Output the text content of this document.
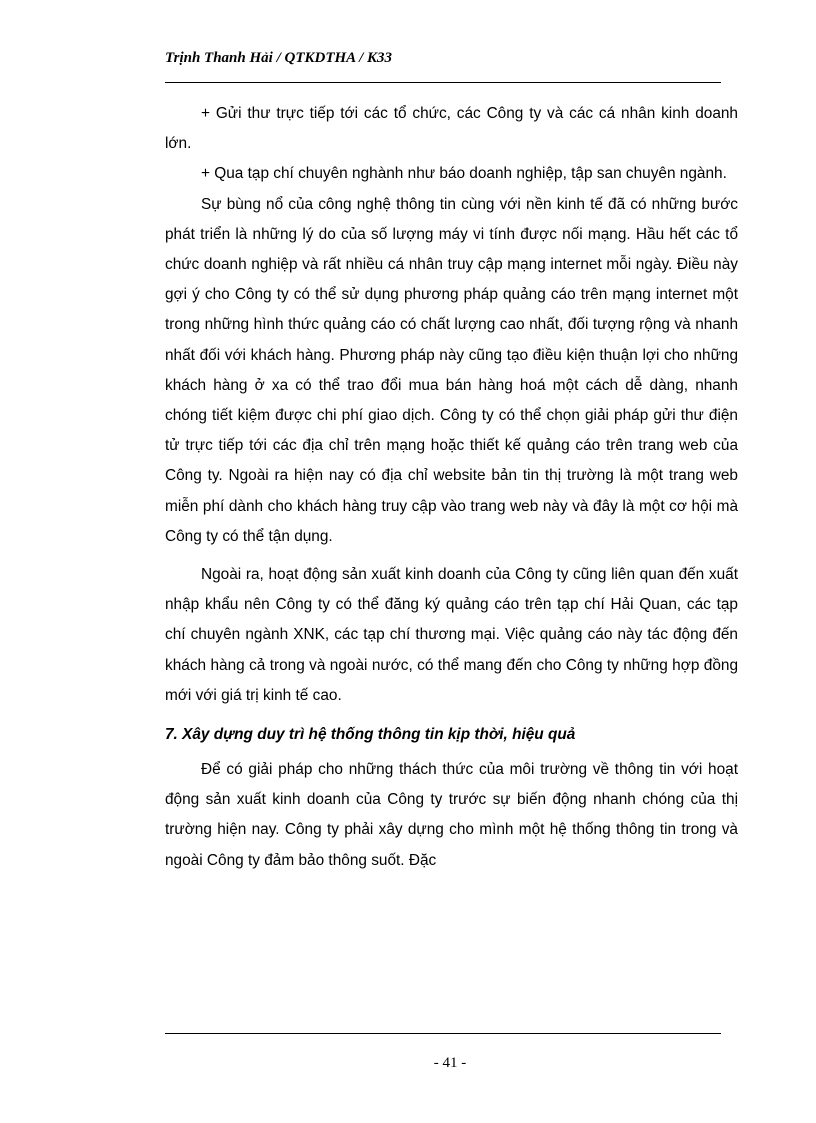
Trịnh Thanh Hải / QTKDTHA / K33

+ Gửi thư trực tiếp tới các tổ chức, các Công ty và các cá nhân kinh doanh lớn.

+ Qua tạp chí chuyên nghành như báo doanh nghiệp, tập san chuyên ngành.

Sự bùng nổ của công nghệ thông tin cùng với nền kinh tế đã có những bước phát triển là những lý do của số lượng máy vi tính được nối mạng. Hầu hết các tổ chức doanh nghiệp và rất nhiều cá nhân truy cập mạng internet mỗi ngày. Điều này gợi ý cho Công ty có thể sử dụng phương pháp quảng cáo trên mạng internet một trong những hình thức quảng cáo có chất lượng cao nhất, đối tượng rộng và nhanh nhất đối với khách hàng. Phương pháp này cũng tạo điều kiện thuận lợi cho những khách hàng ở xa có thể trao đổi mua bán hàng hoá một cách dễ dàng, nhanh chóng tiết kiệm được chi phí giao dịch. Công ty có thể chọn giải pháp gửi thư điện tử trực tiếp tới các địa chỉ trên mạng hoặc thiết kế quảng cáo trên trang web của Công ty. Ngoài ra hiện nay có địa chỉ website bản tin thị trường là một trang web miễn phí dành cho khách hàng truy cập vào trang web này và đây là một cơ hội mà Công ty có thể tận dụng.

Ngoài ra, hoạt động sản xuất kinh doanh của Công ty cũng liên quan đến xuất nhập khẩu nên Công ty có thể đăng ký quảng cáo trên tạp chí Hải Quan, các tạp chí chuyên ngành XNK, các tạp chí thương mại. Việc quảng cáo này tác động đến khách hàng cả trong và ngoài nước, có thể mang đến cho Công ty những hợp đồng mới với giá trị kinh tế cao.

7. Xây dựng duy trì hệ thống thông tin kịp thời, hiệu quả

Để có giải pháp cho những thách thức của môi trường về thông tin với hoạt động sản xuất kinh doanh của Công ty trước sự biến động nhanh chóng của thị trường hiện nay. Công ty phải xây dựng cho mình một hệ thống thông tin trong và ngoài Công ty đảm bảo thông suốt. Đặc

- 41 -
